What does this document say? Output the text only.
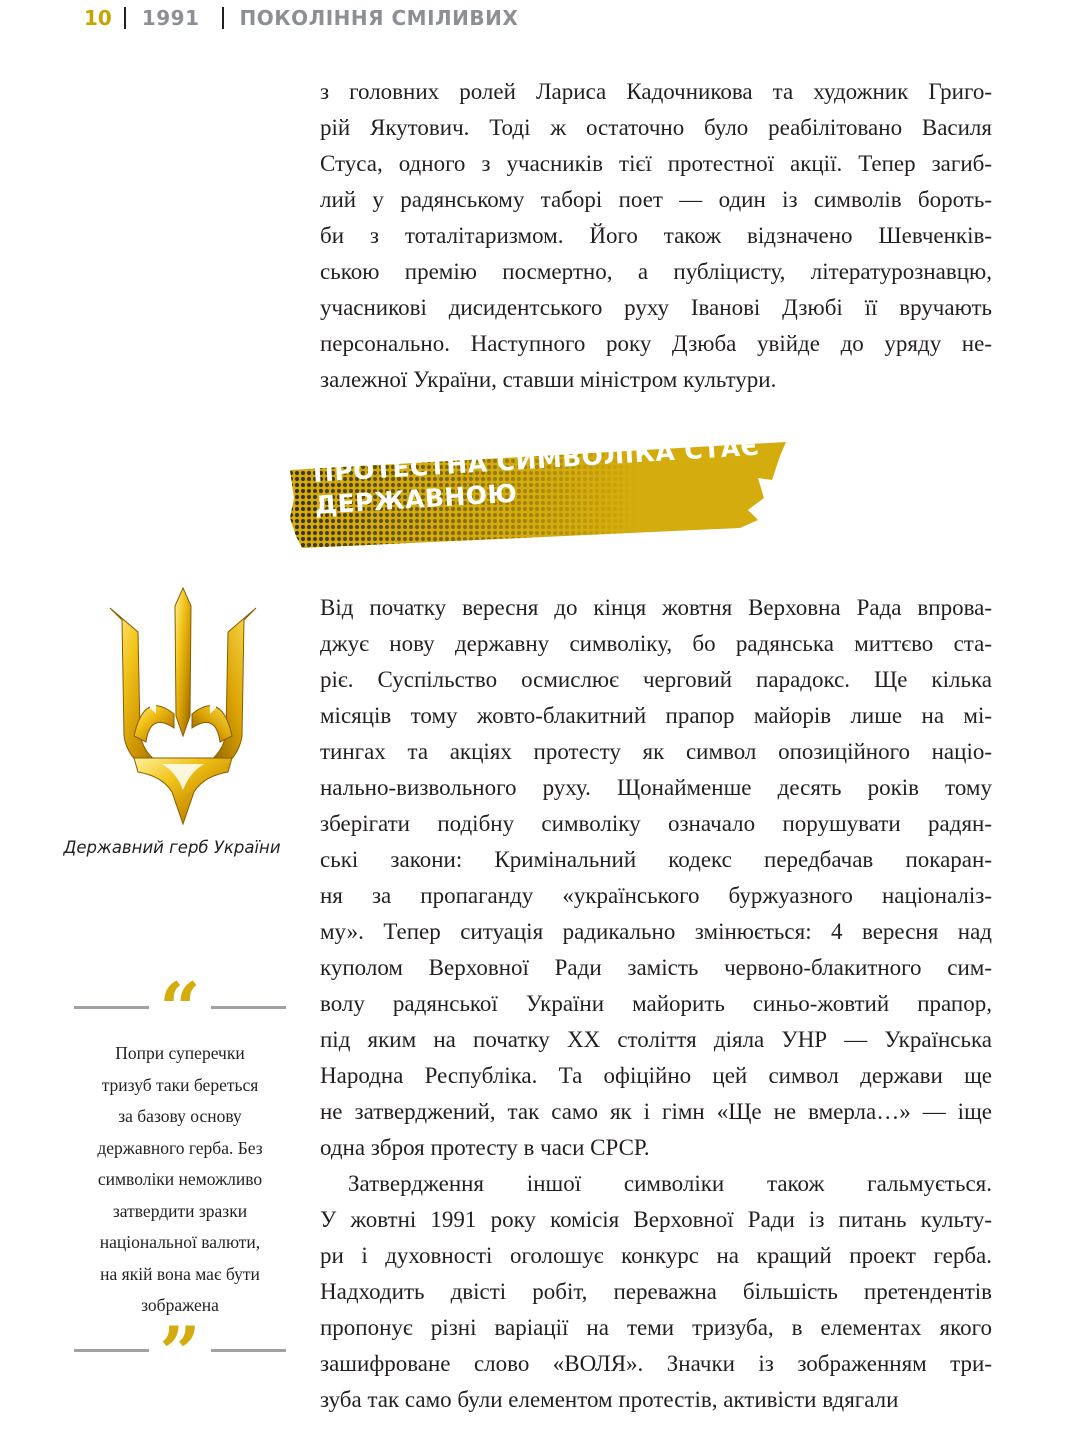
10 1991 ПОКОЛІННЯ СМІЛИВИХ
з головних ролей Лариса Кадочникова та художник Григо-
рій Якутович. Тоді ж остаточно було реабілітовано Василя
Стуса, одного з учасників тієї протестної акції. Тепер загиб-
лий у радянському таборі поет — один із символів бороть-
би з тоталітаризмом. Його також відзначено Шевченків-
ською премію посмертно, а публіцисту, літературознавцю,
учасникові дисидентського руху Іванові Дзюбі її вручають
персонально. Наступного року Дзюба увійде до уряду не-
залежної України, ставши міністром культури.
ПРОТЕСТНА СИМВОЛІКА СТАЄ
ДЕРЖАВНОЮ
Державний герб України
“
Попри суперечки
тризуб таки береться
за базову основу
державного герба. Без
символіки неможливо
затвердити зразки
національної валюти,
на якій вона має бути
зображена
”
Від початку вересня до кінця жовтня Верховна Рада впрова-
джує нову державну символіку, бо радянська миттєво ста-
ріє. Суспільство осмислює черговий парадокс. Ще кілька
місяців тому жовто-блакитний прапор майорів лише на мі-
тингах та акціях протесту як символ опозиційного націо-
нально-визвольного руху. Щонайменше десять років тому
зберігати подібну символіку означало порушувати радян-
ські закони: Кримінальний кодекс передбачав покаран-
ня за пропаганду «українського буржуазного націоналіз-
му». Тепер ситуація радикально змінюється: 4 вересня над
куполом Верховної Ради замість червоно-блакитного сим-
волу радянської України майорить синьо-жовтий прапор,
під яким на початку XX століття діяла УНР — Українська
Народна Республіка. Та офіційно цей символ держави ще
не затверджений, так само як і гімн «Ще не вмерла…» — іще
одна зброя протесту в часи СРСР.
Затвердження іншої символіки також гальмується.
У жовтні 1991 року комісія Верховної Ради із питань культу-
ри і духовності оголошує конкурс на кращий проект герба.
Надходить двісті робіт, переважна більшість претендентів
пропонує різні варіації на теми тризуба, в елементах якого
зашифроване слово «ВОЛЯ». Значки із зображенням три-
зуба так само були елементом протестів, активісти вдягали
